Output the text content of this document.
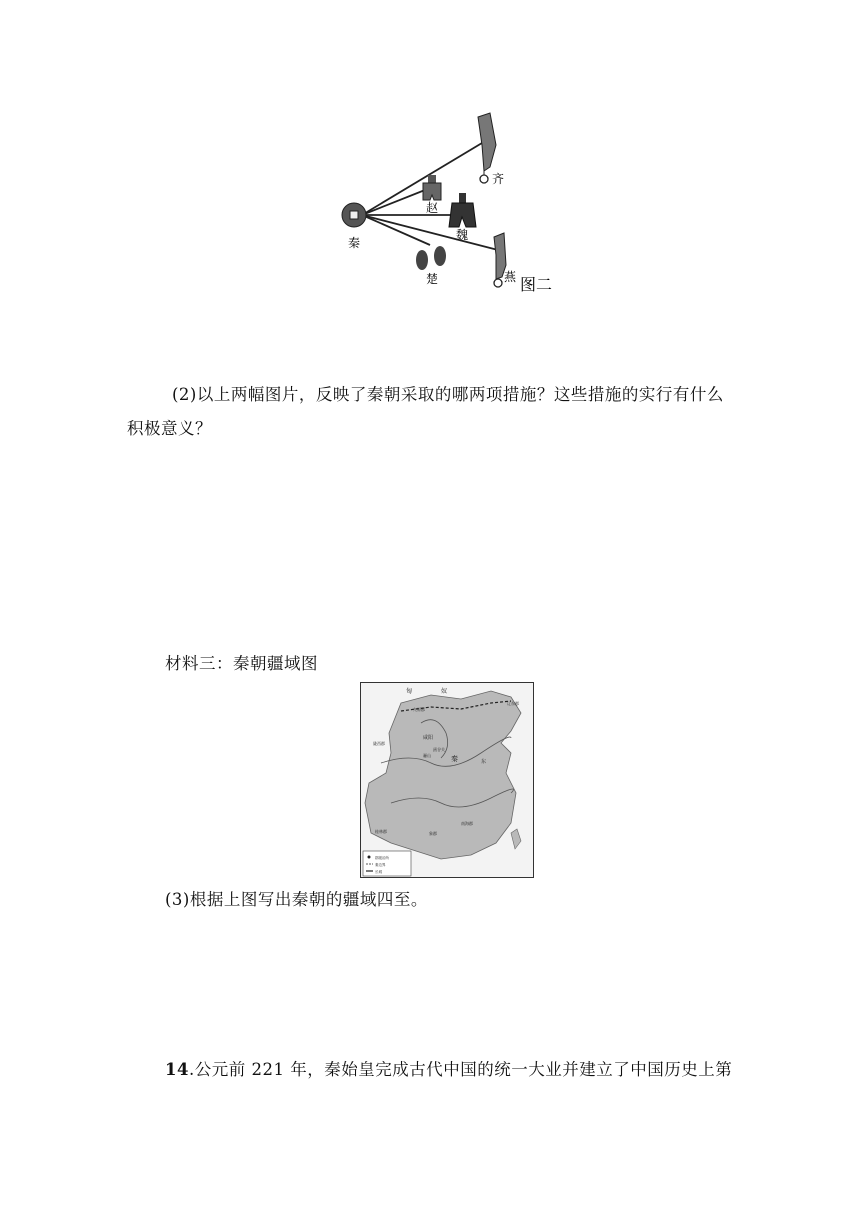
秦
齐
赵
魏
楚	燕 图二
(2)以上两幅图片，反映了秦朝采取的哪两项措施？这些措施的实行有什么
积极意义？
材料三：秦朝疆域图
匈	奴
九原郡
辽东郡
陇西郡
咸阳
函谷关
骊山	秦	东
桂林郡
南海郡
象郡
郡级治所
秦边界
长城
(3)根据上图写出秦朝的疆域四至。
14.公元前 221 年，秦始皇完成古代中国的统一大业并建立了中国历史上第
